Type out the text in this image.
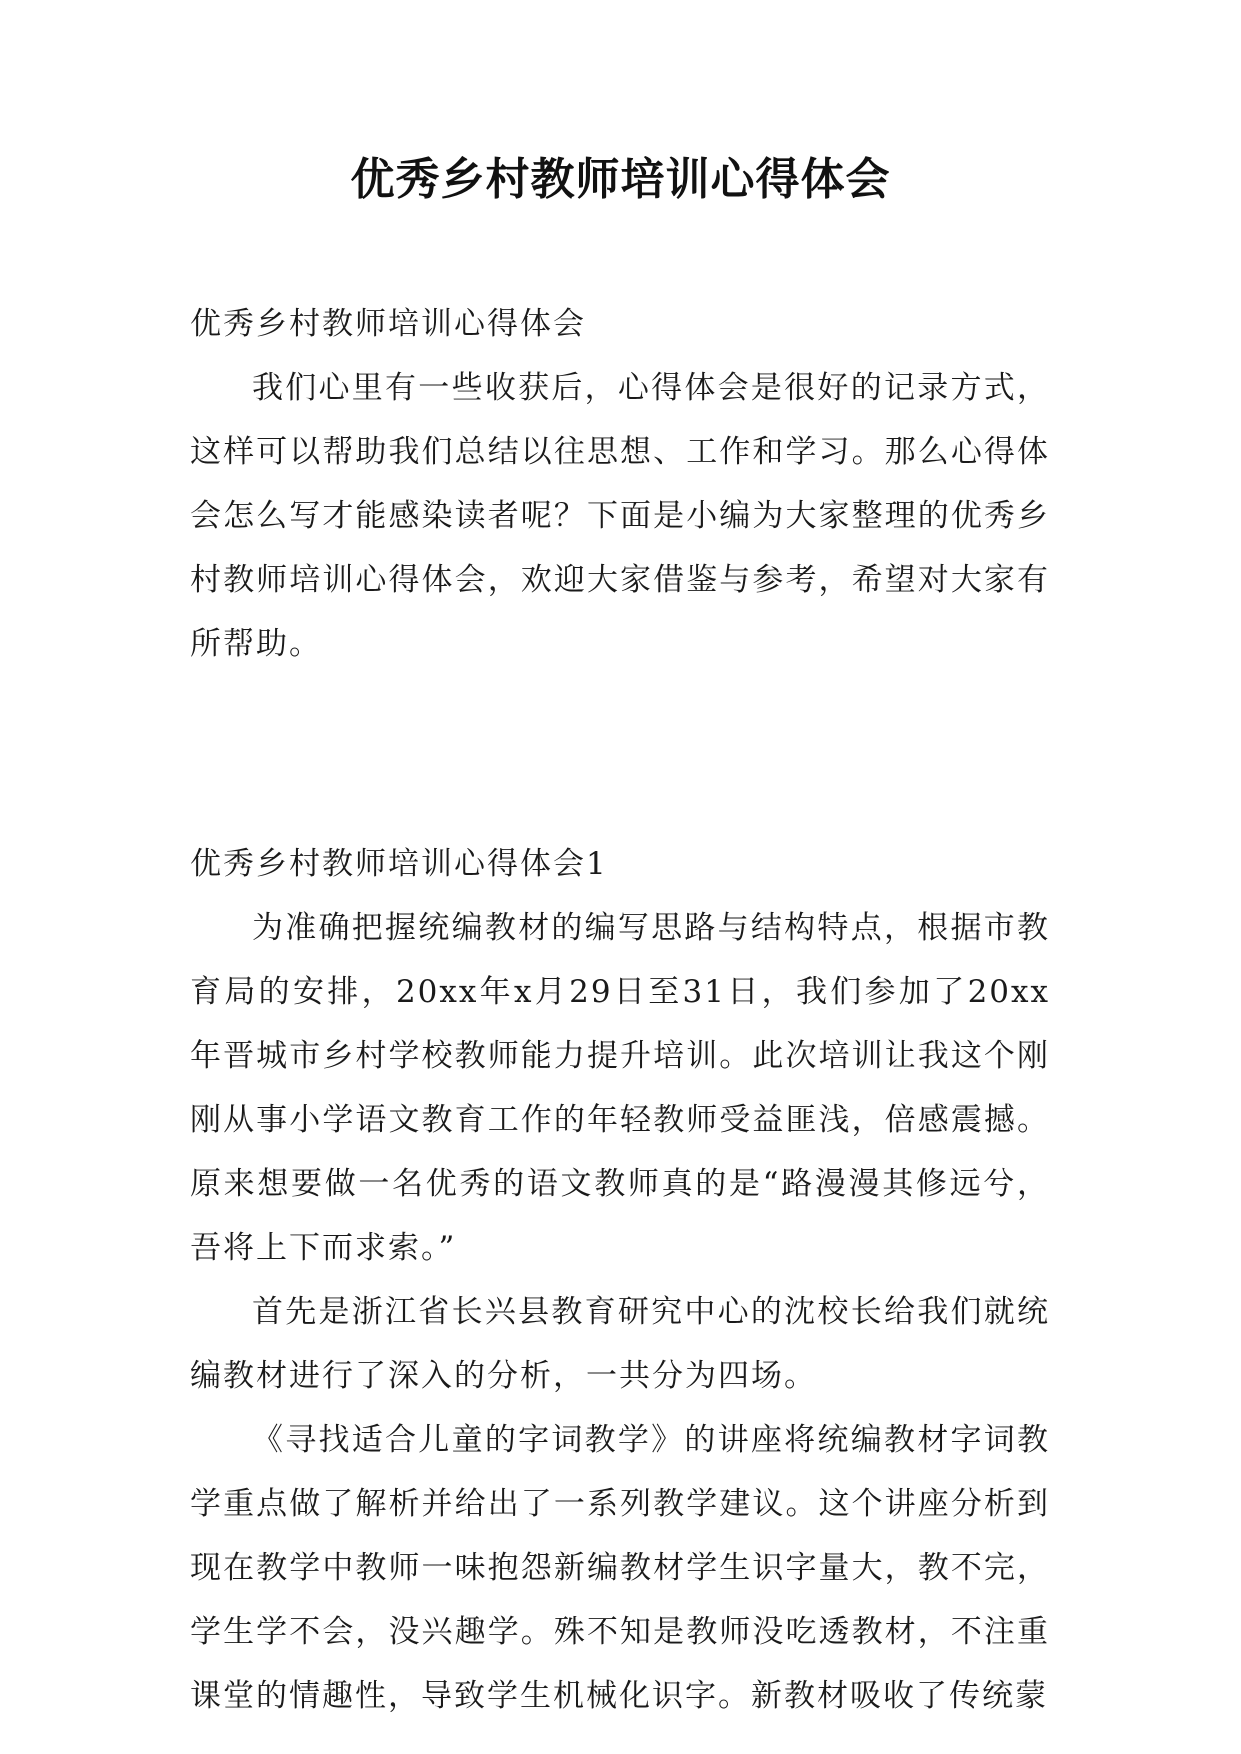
优秀乡村教师培训心得体会

优秀乡村教师培训心得体会

我们心里有一些收获后，心得体会是很好的记录方式，这样可以帮助我们总结以往思想、工作和学习。那么心得体会怎么写才能感染读者呢？下面是小编为大家整理的优秀乡村教师培训心得体会，欢迎大家借鉴与参考，希望对大家有所帮助。

优秀乡村教师培训心得体会1

为准确把握统编教材的编写思路与结构特点，根据市教育局的安排，20xx年x月29日至31日，我们参加了20xx年晋城市乡村学校教师能力提升培训。此次培训让我这个刚刚从事小学语文教育工作的年轻教师受益匪浅，倍感震撼。原来想要做一名优秀的语文教师真的是“路漫漫其修远兮，吾将上下而求索。”

首先是浙江省长兴县教育研究中心的沈校长给我们就统编教材进行了深入的分析，一共分为四场。

《寻找适合儿童的字词教学》的讲座将统编教材字词教学重点做了解析并给出了一系列教学建议。这个讲座分析到现在教学中教师一味抱怨新编教材学生识字量大，教不完，学生学不会，没兴趣学。殊不知是教师没吃透教材，不注重课堂的情趣性，导致学生机械化识字。新教材吸收了传统蒙
